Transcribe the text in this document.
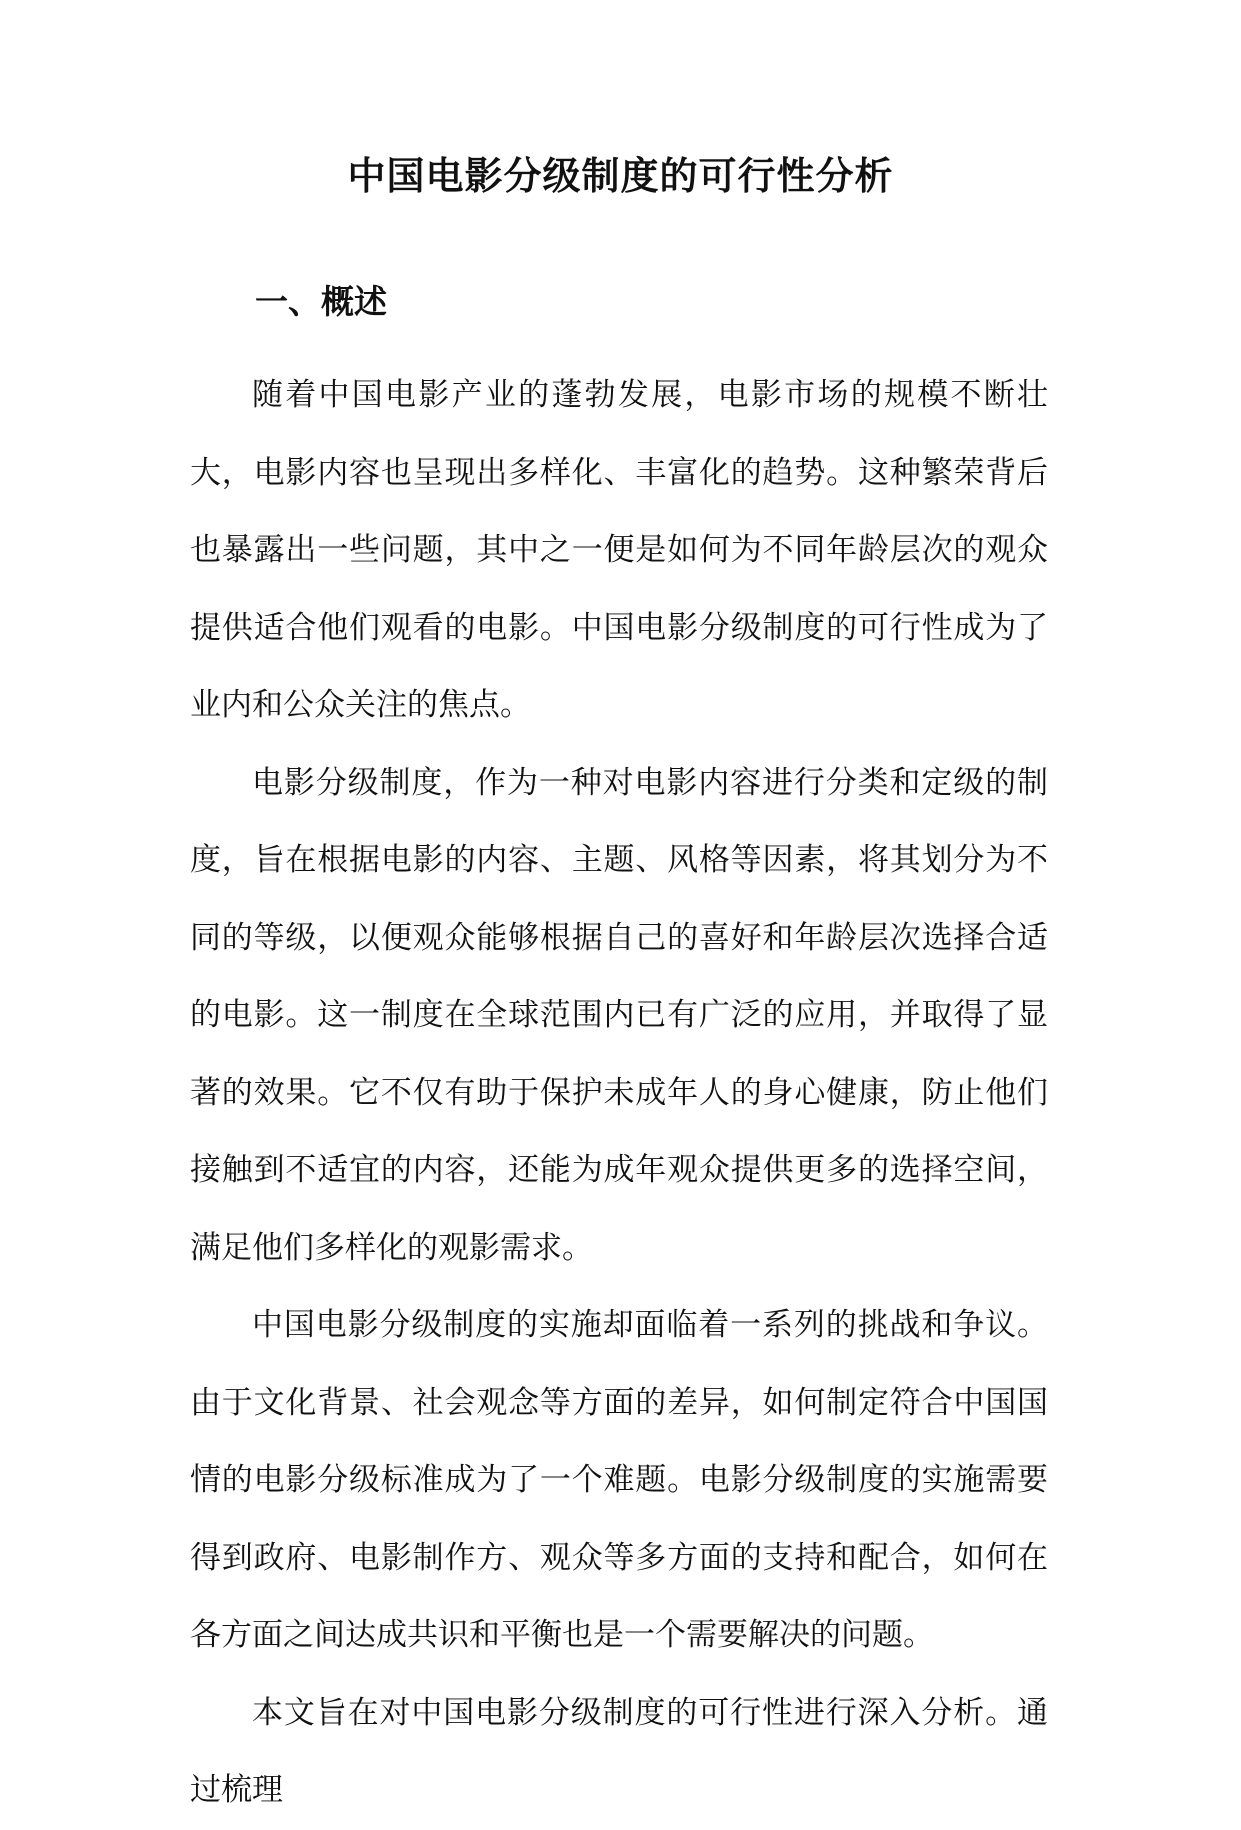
中国电影分级制度的可行性分析
一、概述

随着中国电影产业的蓬勃发展，电影市场的规模不断壮大，电影内容也呈现出多样化、丰富化的趋势。这种繁荣背后也暴露出一些问题，其中之一便是如何为不同年龄层次的观众提供适合他们观看的电影。中国电影分级制度的可行性成为了业内和公众关注的焦点。

电影分级制度，作为一种对电影内容进行分类和定级的制度，旨在根据电影的内容、主题、风格等因素，将其划分为不同的等级，以便观众能够根据自己的喜好和年龄层次选择合适的电影。这一制度在全球范围内已有广泛的应用，并取得了显著的效果。它不仅有助于保护未成年人的身心健康，防止他们接触到不适宜的内容，还能为成年观众提供更多的选择空间，满足他们多样化的观影需求。

中国电影分级制度的实施却面临着一系列的挑战和争议。由于文化背景、社会观念等方面的差异，如何制定符合中国国情的电影分级标准成为了一个难题。电影分级制度的实施需要得到政府、电影制作方、观众等多方面的支持和配合，如何在各方面之间达成共识和平衡也是一个需要解决的问题。

本文旨在对中国电影分级制度的可行性进行深入分析。通过梳理
